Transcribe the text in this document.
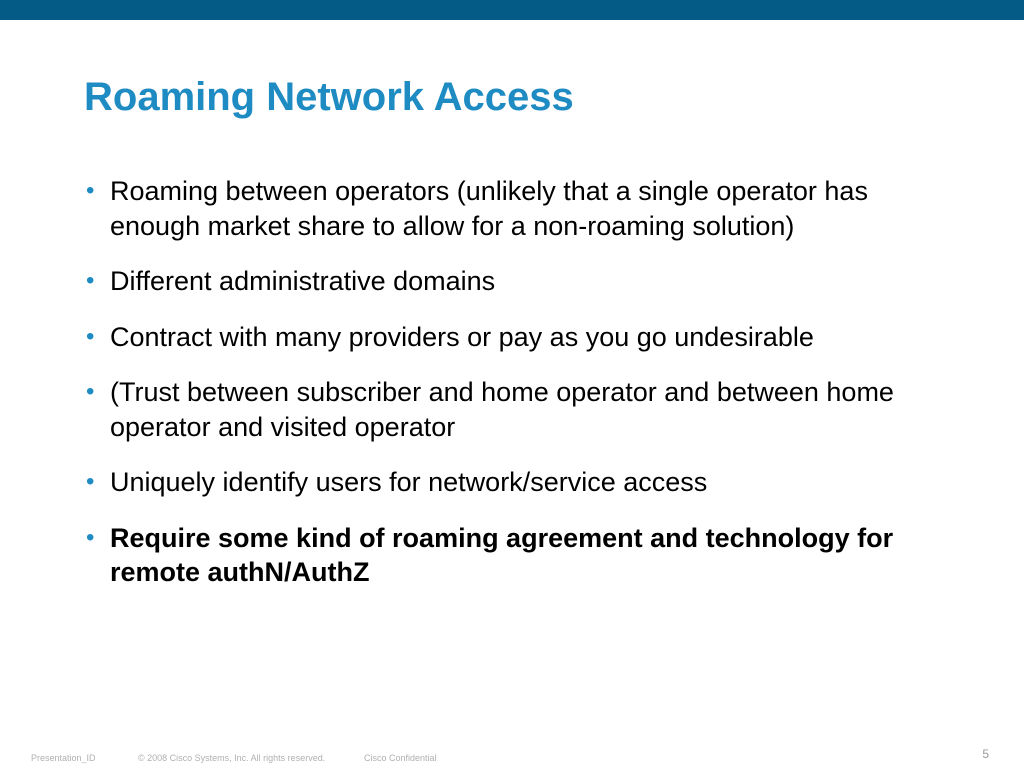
Roaming Network Access
• Roaming between operators (unlikely that a single operator has enough market share to allow for a non-roaming solution)
• Different administrative domains
• Contract with many providers or pay as you go undesirable
• (Trust between subscriber and home operator and between home operator and visited operator
• Uniquely identify users for network/service access
• Require some kind of roaming agreement and technology for remote authN/AuthZ
Presentation_ID	© 2008 Cisco Systems, Inc. All rights reserved.	Cisco Confidential	5
